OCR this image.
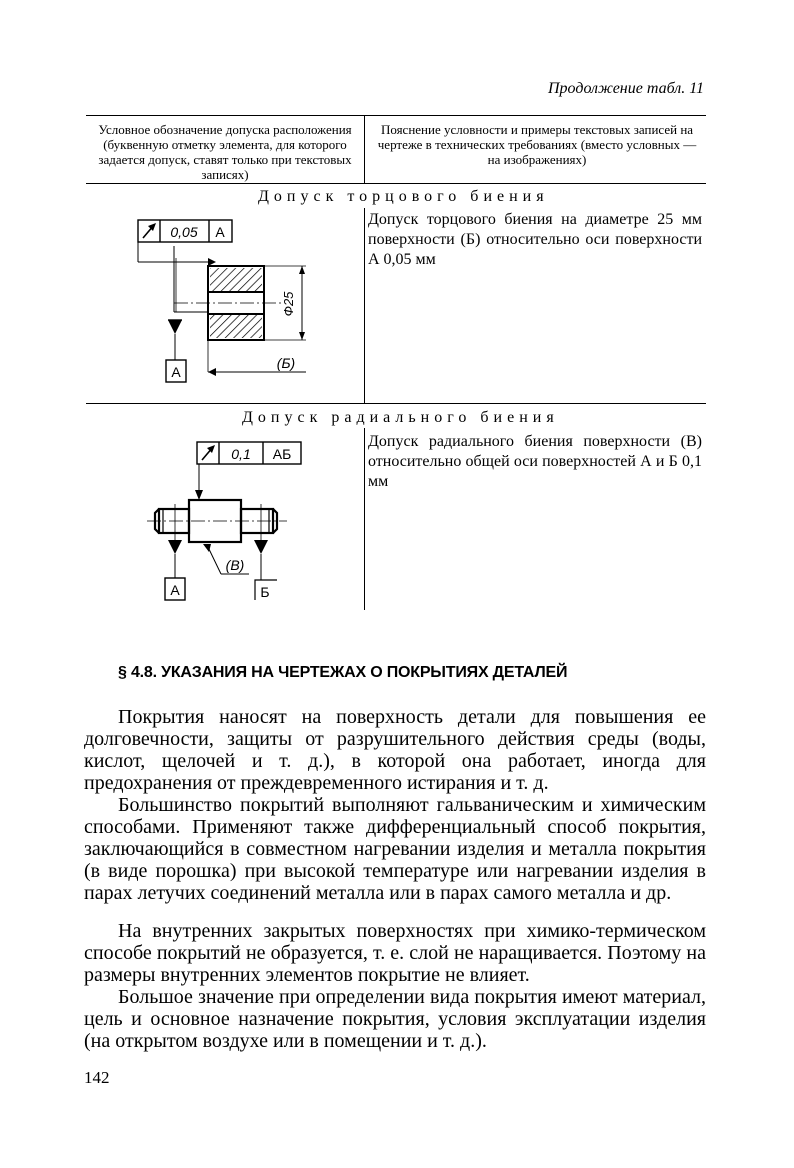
Продолжение табл. 11
Условное обозначение допуска расположения (буквенную отметку элемента, для которого задается допуск, ставят только при текстовых записях)
Пояснение условности и примеры текстовых записей на чертеже в технических требованиях (вместо условных — на изображениях)
Допуск торцового биения
Допуск торцового биения на диаметре 25 мм поверхности (Б) относительно оси поверхности А 0,05 мм
0,05 А
А
Ф25
(Б)
Допуск радиального биения
Допуск радиального биения поверхности (В) относительно общей оси поверхностей А и Б 0,1 мм
0,1 АБ
А	Б
(В)
§ 4.8. УКАЗАНИЯ НА ЧЕРТЕЖАХ О ПОКРЫТИЯХ ДЕТАЛЕЙ

Покрытия наносят на поверхность детали для повышения ее долговечности, защиты от разрушительного действия среды (воды, кислот, щелочей и т. д.), в которой она работает, иногда для предохранения от преждевременного истирания и т. д.

Большинство покрытий выполняют гальваническим и химическим способами. Применяют также дифференциальный способ покрытия, заключающийся в совместном нагревании изделия и металла покрытия (в виде порошка) при высокой температуре или нагревании изделия в парах летучих соединений металла или в парах самого металла и др.

На внутренних закрытых поверхностях при химико-термическом способе покрытий не образуется, т. е. слой не наращивается. Поэтому на размеры внутренних элементов покрытие не влияет.

Большое значение при определении вида покрытия имеют материал, цель и основное назначение покрытия, условия эксплуатации изделия (на открытом воздухе или в помещении и т. д.).

142
